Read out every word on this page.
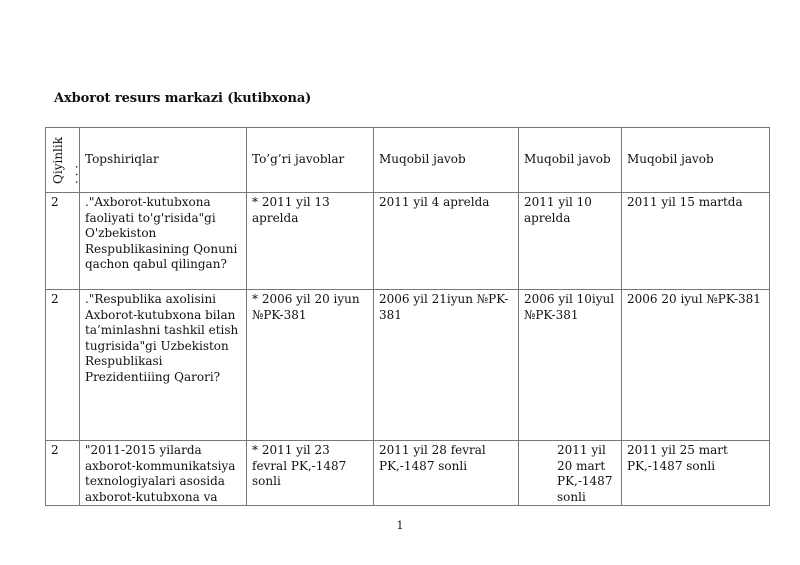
Axborot resurs markazi (kutibxona)
Qiyinlik . . .	Topshiriqlar	To’g’ri javoblar	Muqobil javob	Muqobil javob	Muqobil javob
2	."Axborot-kutubxona faoliyati to'g'risida"gi O'zbekiston Respublikasining Qonuni qachon qabul qilingan?	* 2011 yil 13 aprelda	2011 yil 4 aprelda	2011 yil 10 aprelda	2011 yil 15 martda
2	."Respublika axolisini Axborot-kutubxona bilan ta’minlashni tashkil etish tugrisida"gi Uzbekiston Respublikasi Prezidentiiing Qarori?	* 2006 yil 20 iyun №PK-381	2006 yil 21iyun №PK-381	2006 yil 10iyul №PK-381	2006 20 iyul №PK-381
2	"2011-2015 yilarda axborot-kommunikatsiya texnologiyalari asosida axborot-kutubxona va	* 2011 yil 23 fevral PK,-1487 sonli	2011 yil 28 fevral PK,-1487 sonli	2011 yil 20 mart PK,-1487 sonli	2011 yil 25 mart PK,-1487 sonli
1
